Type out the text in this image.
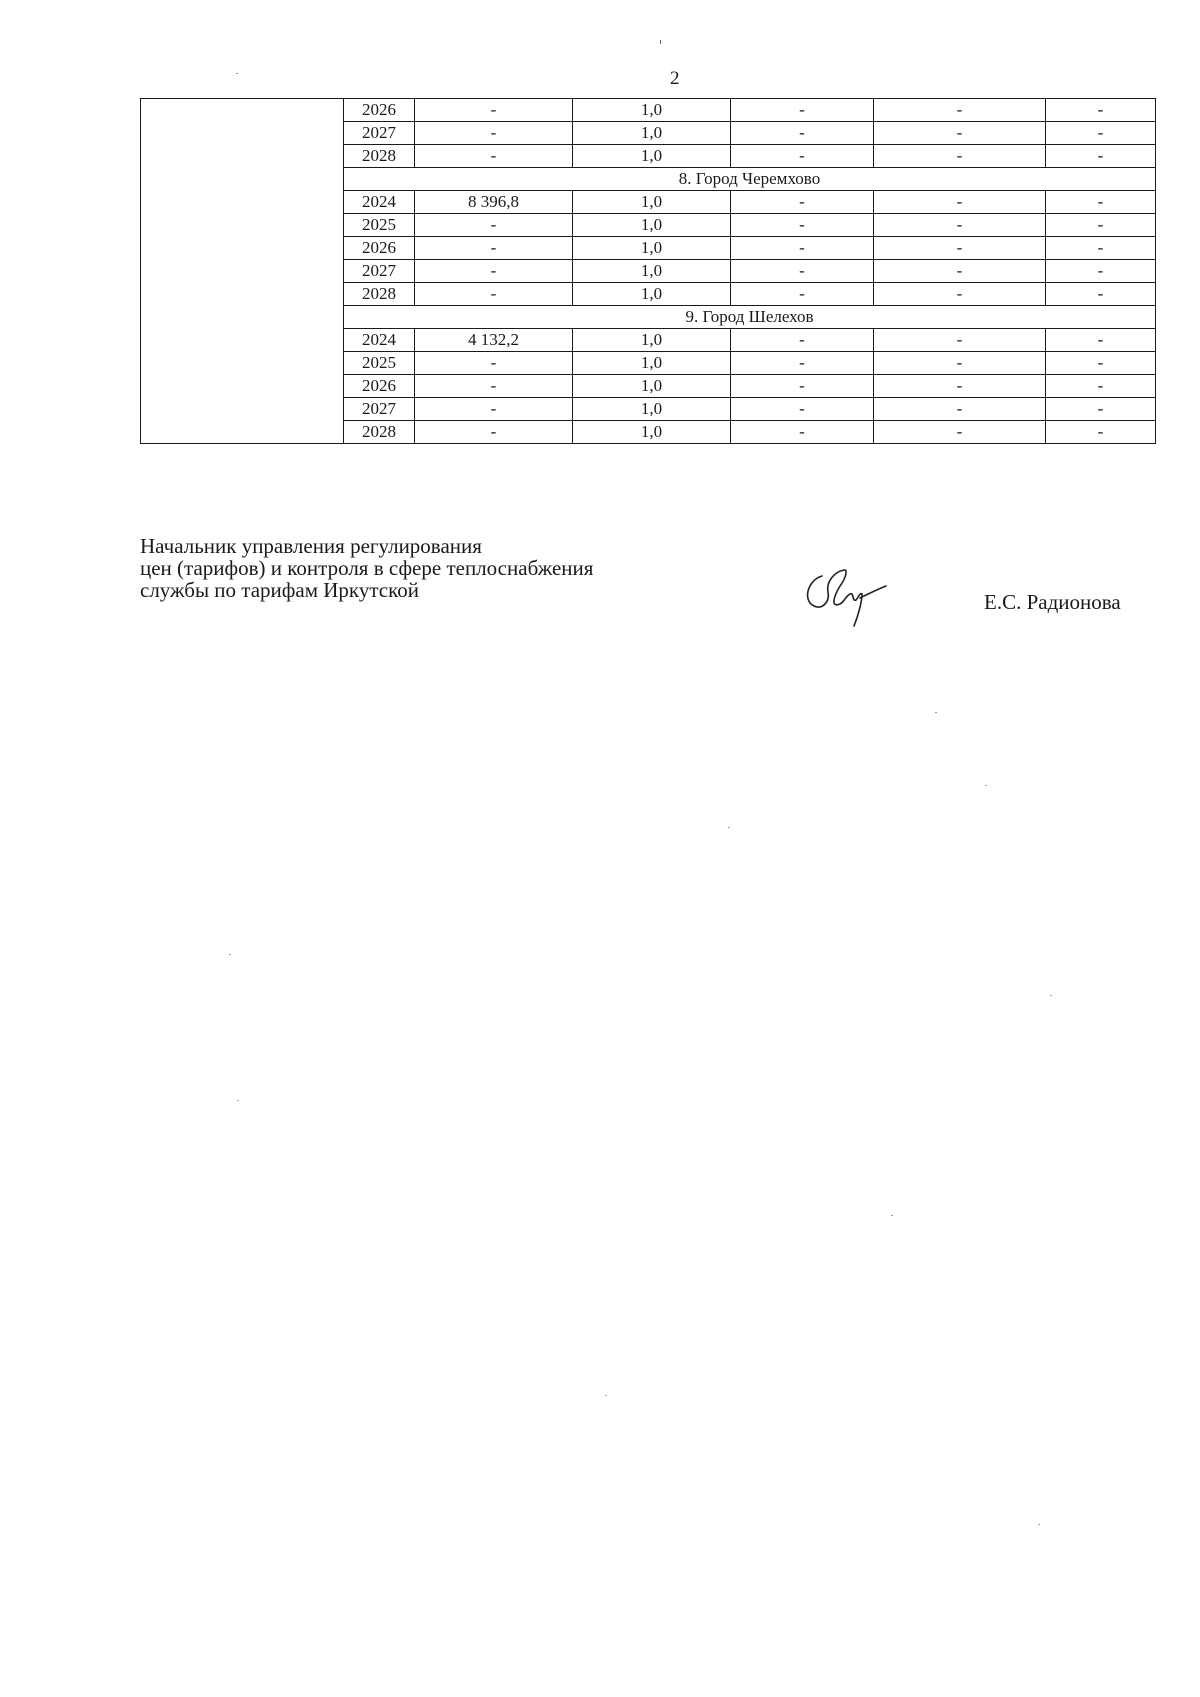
2
	2026	-	1,0	-	-	-
	2027	-	1,0	-	-	-
	2028	-	1,0	-	-	-
	8. Город Черемхово					
	2024	8 396,8	1,0	-	-	-
	2025	-	1,0	-	-	-
	2026	-	1,0	-	-	-
	2027	-	1,0	-	-	-
	2028	-	1,0	-	-	-
	9. Город Шелехов					
	2024	4 132,2	1,0	-	-	-
	2025	-	1,0	-	-	-
	2026	-	1,0	-	-	-
	2027	-	1,0	-	-	-
	2028	-	1,0	-	-	-
Начальник управления регулирования
цен (тарифов) и контроля в сфере теплоснабжения
службы по тарифам Иркутской	Е.С. Радионова
